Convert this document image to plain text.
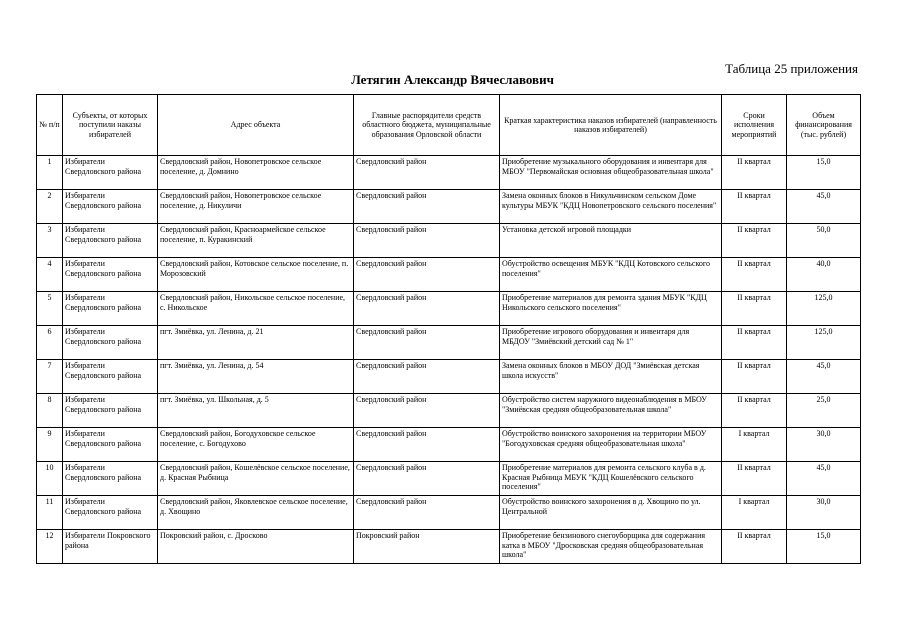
Таблица 25 приложения
Летягин Александр Вячеславович
№ п/п	Субъекты, от которых поступили наказы избирателей	Адрес объекта	Главные распорядители средств областного бюджета, муниципальные образования Орловской области	Краткая характеристика наказов избирателей (направленность наказов избирателей)	Сроки исполнения мероприятий	Объем финансирования (тыс. рублей)
1	Избиратели Свердловского района	Свердловский район, Новопетровское сельское поселение, д. Домнино	Свердловский район	Приобретение музыкального оборудования и инвентаря для МБОУ "Первомайская основная общеобразовательная школа"	II квартал	15,0
2	Избиратели Свердловского района	Свердловский район, Новопетровское сельское поселение, д. Никуличи	Свердловский район	Замена оконных блоков в Никульчинском сельском Доме культуры МБУК "КДЦ Новопетровского сельского поселения"	II квартал	45,0
3	Избиратели Свердловского района	Свердловский район, Красноармейское сельское поселение, п. Куракинский	Свердловский район	Установка детской игровой площадки	II квартал	50,0
4	Избиратели Свердловского района	Свердловский район, Котовское сельское поселение, п. Морозовский	Свердловский район	Обустройство освещения МБУК "КДЦ Котовского сельского поселения"	II квартал	40,0
5	Избиратели Свердловского района	Свердловский район, Никольское сельское поселение, с. Никольское	Свердловский район	Приобретение материалов для ремонта здания МБУК "КДЦ Никольского сельского поселения"	II квартал	125,0
6	Избиратели Свердловского района	пгт. Змиёвка, ул. Ленина, д. 21	Свердловский район	Приобретение игрового оборудования и инвентаря для МБДОУ "Змиёвский детский сад № 1"	II квартал	125,0
7	Избиратели Свердловского района	пгт. Змиёвка, ул. Ленина, д. 54	Свердловский район	Замена оконных блоков в МБОУ ДОД "Змиёвская детская школа искусств"	II квартал	45,0
8	Избиратели Свердловского района	пгт. Змиёвка, ул. Школьная, д. 5	Свердловский район	Обустройство систем наружного видеонаблюдения в МБОУ "Змиёвская средняя общеобразовательная школа"	II квартал	25,0
9	Избиратели Свердловского района	Свердловский район, Богодуховское сельское поселение, с. Богодухово	Свердловский район	Обустройство воинского захоронения на территории МБОУ "Богодуховская средняя общеобразовательная школа"	I квартал	30,0
10	Избиратели Свердловского района	Свердловский район, Кошелёвское сельское поселение, д. Красная Рыбница	Свердловский район	Приобретение материалов для ремонта сельского клуба в д. Красная Рыбница МБУК "КДЦ Кошелёвского сельского поселения"	II квартал	45,0
11	Избиратели Свердловского района	Свердловский район, Яковлевское сельское поселение, д. Хвощино	Свердловский район	Обустройство воинского захоронения в д. Хвощино по ул. Центральной	I квартал	30,0
12	Избиратели Покровского района	Покровский район, с. Дросково	Покровский район	Приобретение бензинового снегоуборщика для содержания катка в МБОУ "Дросковская средняя общеобразовательная школа"	II квартал	15,0
